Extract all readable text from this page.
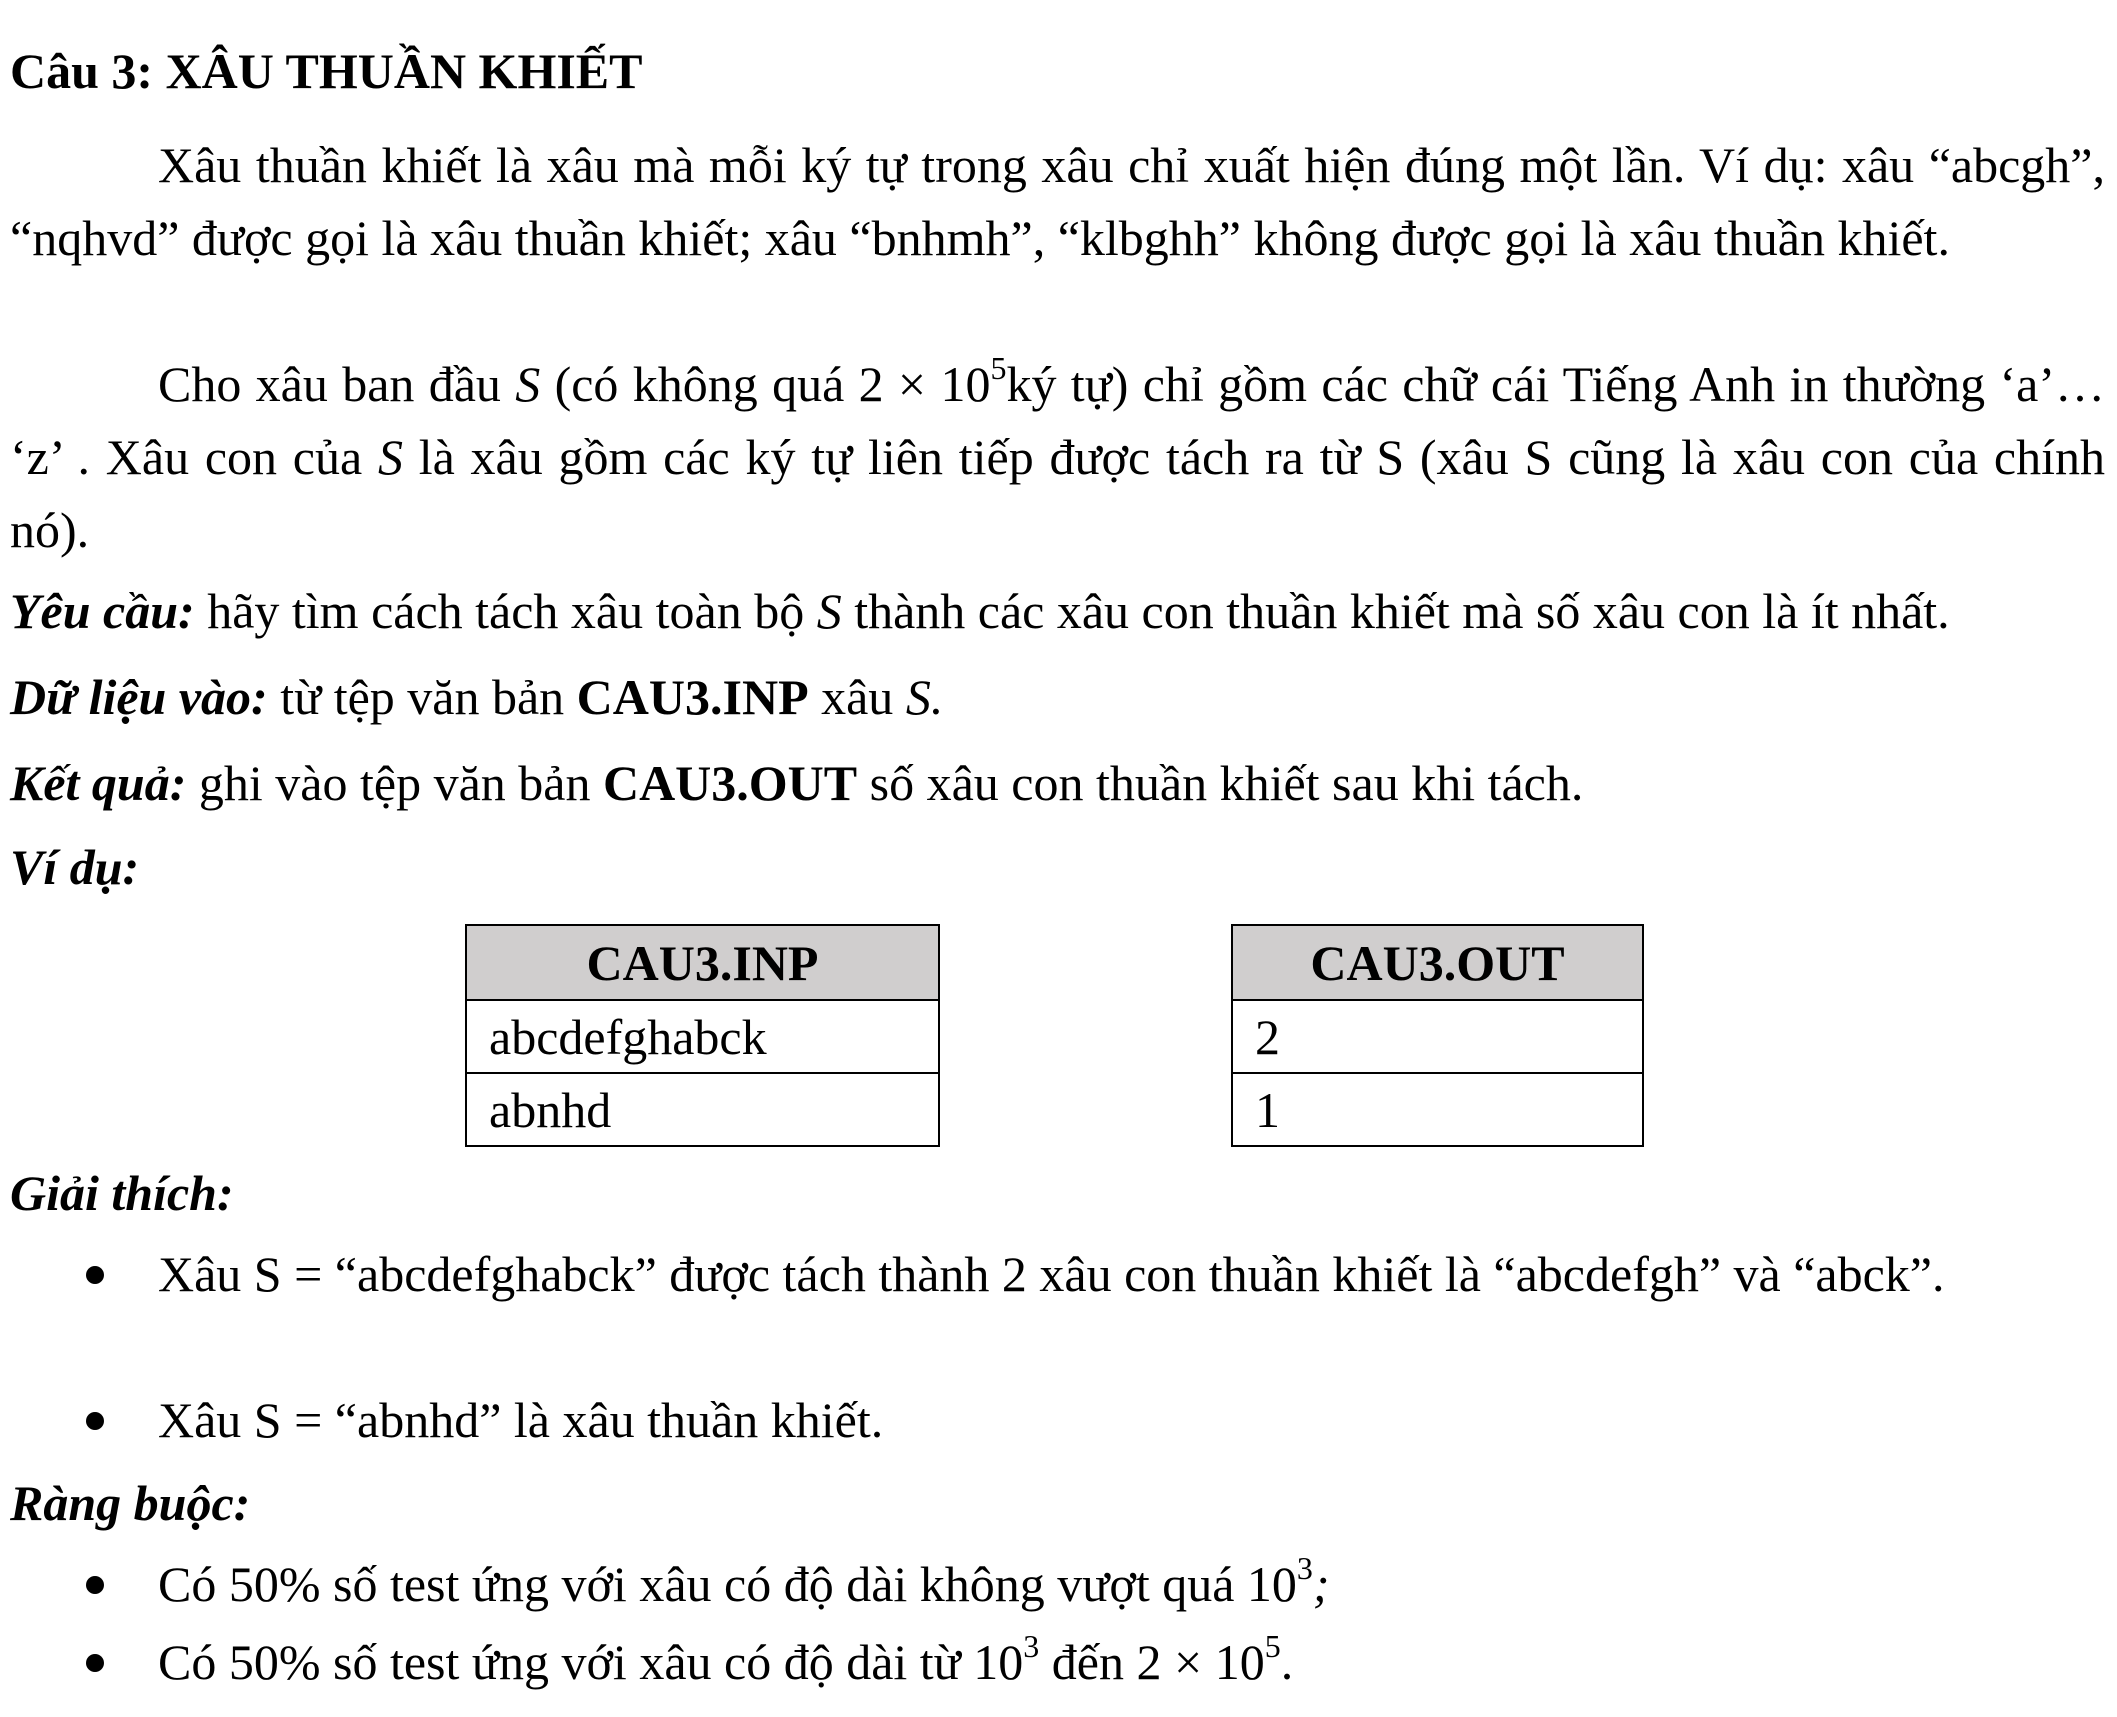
Câu 3: XÂU THUẦN KHIẾT
Xâu thuần khiết là xâu mà mỗi ký tự trong xâu chỉ xuất hiện đúng một lần. Ví dụ: xâu “abcgh”, “nqhvd” được gọi là xâu thuần khiết; xâu “bnhmh”, “klbghh” không được gọi là xâu thuần khiết.
Cho xâu ban đầu S (có không quá $2 \times 10^5ký$ tự) chỉ gồm các chữ cái Tiếng Anh in thường ‘a’… ‘z’ . Xâu con của S là xâu gồm các ký tự liên tiếp được tách ra từ S (xâu S cũng là xâu con của chính nó).
Yêu cầu: hãy tìm cách tách xâu toàn bộ S thành các xâu con thuần khiết mà số xâu con là ít nhất.
Dữ liệu vào: từ tệp văn bản CAU3.INP xâu S.
Kết quả: ghi vào tệp văn bản CAU3.OUT số xâu con thuần khiết sau khi tách.
Ví dụ:
CAU3.INP
abcdefghabck
abnhd
CAU3.OUT
2
1
Giải thích:
Xâu S = “abcdefghabck” được tách thành 2 xâu con thuần khiết là “abcdefgh” và “abck”.
Xâu S = “abnhd” là xâu thuần khiết.
Ràng buộc:
Có 50% số test ứng với xâu có độ dài không vượt quá $10^3$;
Có 50% số test ứng với xâu có độ dài từ $10^3$ đến $2 \times 10^5$.
